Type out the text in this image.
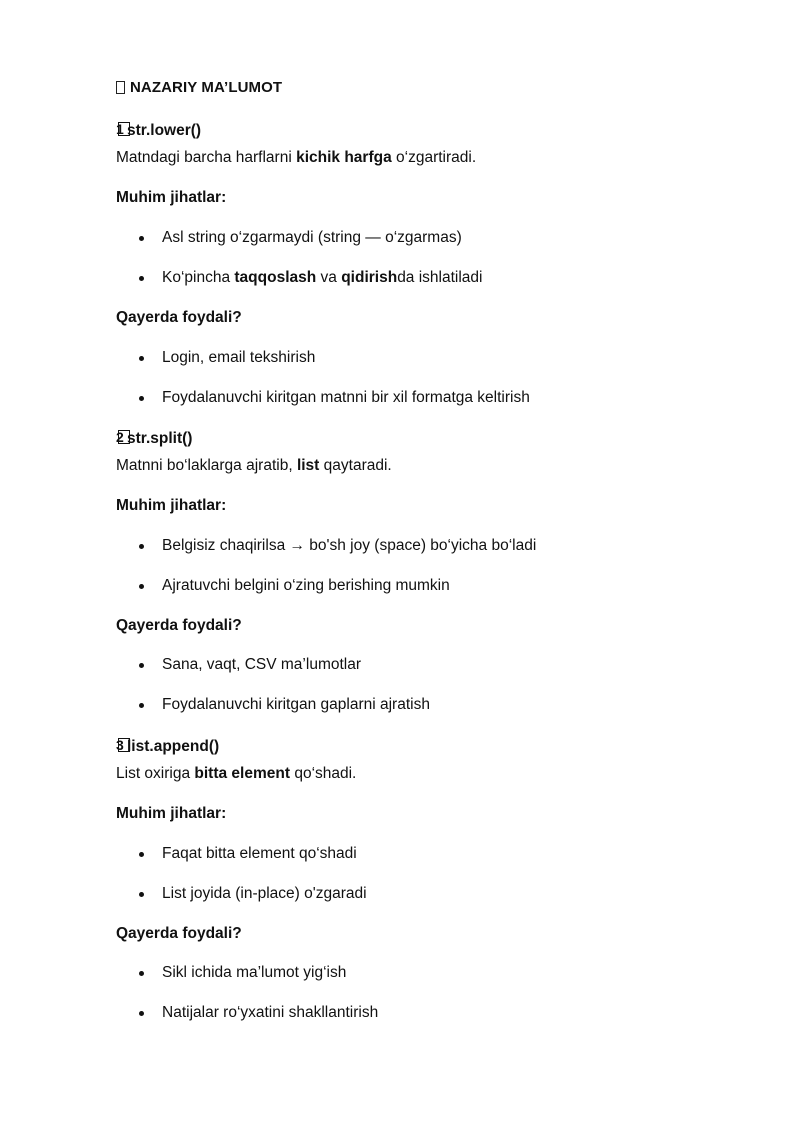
NAZARIY MA’LUMOT
1 str.lower()
Matndagi barcha harflarni kichik harfga o‘zgartiradi.
Muhim jihatlar:
Asl string o‘zgarmaydi (string — o‘zgarmas)
Ko‘pincha taqqoslash va qidirishda ishlatiladi
Qayerda foydali?
Login, email tekshirish
Foydalanuvchi kiritgan matnni bir xil formatga keltirish
2 str.split()
Matnni bo‘laklarga ajratib, list qaytaradi.
Muhim jihatlar:
Belgisiz chaqirilsa → bo'sh joy (space) bo‘yicha bo‘ladi
Ajratuvchi belgini o‘zing berishing mumkin
Qayerda foydali?
Sana, vaqt, CSV ma’lumotlar
Foydalanuvchi kiritgan gaplarni ajratish
3 list.append()
List oxiriga bitta element qo‘shadi.
Muhim jihatlar:
Faqat bitta element qo‘shadi
List joyida (in-place) o'zgaradi
Qayerda foydali?
Sikl ichida ma’lumot yig‘ish
Natijalar ro‘yxatini shakllantirish
